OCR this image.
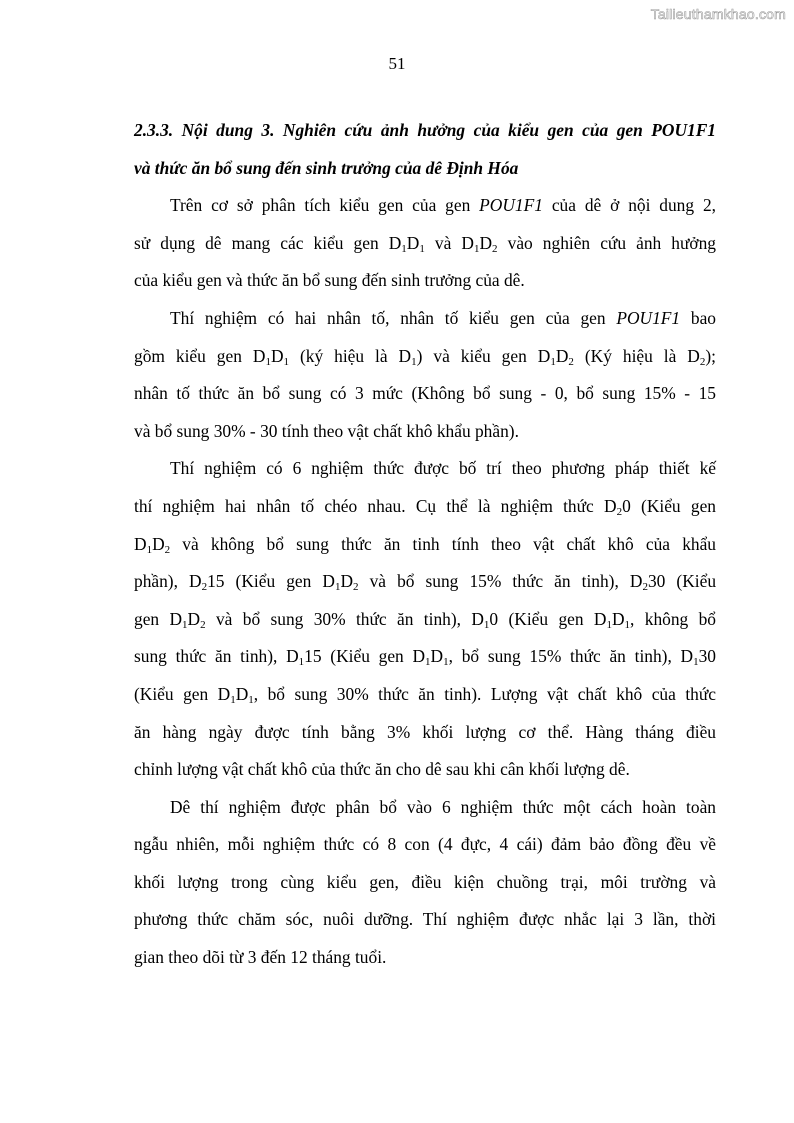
Tailieuthamkhao.com
51
2.3.3. Nội dung 3. Nghiên cứu ảnh hưởng của kiểu gen của gen POU1F1
và thức ăn bổ sung đến sinh trưởng của dê Định Hóa

Trên cơ sở phân tích kiểu gen của gen POU1F1 của dê ở nội dung 2,
sử dụng dê mang các kiểu gen $D_1D_1$ và $D_1D_2$ vào nghiên cứu ảnh hưởng
của kiểu gen và thức ăn bổ sung đến sinh trưởng của dê.

Thí nghiệm có hai nhân tố, nhân tố kiểu gen của gen POU1F1 bao
gồm kiểu gen $D_1D_1$ (ký hiệu là $D_1$) và kiểu gen $D_1D_2$ (Ký hiệu là $D_2$);
nhân tố thức ăn bổ sung có 3 mức (Không bổ sung - 0, bổ sung 15% - 15
và bổ sung 30% - 30 tính theo vật chất khô khẩu phần).

Thí nghiệm có 6 nghiệm thức được bố trí theo phương pháp thiết kế
thí nghiệm hai nhân tố chéo nhau. Cụ thể là nghiệm thức $D_20$ (Kiểu gen
$D_1D_2$ và không bổ sung thức ăn tinh tính theo vật chất khô của khẩu
phần), $D_215$ (Kiểu gen $D_1D_2$ và bổ sung 15% thức ăn tinh), $D_230$ (Kiểu
gen $D_1D_2$ và bổ sung 30% thức ăn tinh), $D_10$ (Kiểu gen $D_1D_1$, không bổ
sung thức ăn tinh), $D_115$ (Kiểu gen $D_1D_1$, bổ sung 15% thức ăn tinh), $D_130$
(Kiểu gen $D_1D_1$, bổ sung 30% thức ăn tinh). Lượng vật chất khô của thức
ăn hàng ngày được tính bằng 3% khối lượng cơ thể. Hàng tháng điều
chỉnh lượng vật chất khô của thức ăn cho dê sau khi cân khối lượng dê.

Dê thí nghiệm được phân bổ vào 6 nghiệm thức một cách hoàn toàn
ngẫu nhiên, mỗi nghiệm thức có 8 con (4 đực, 4 cái) đảm bảo đồng đều về
khối lượng trong cùng kiểu gen, điều kiện chuồng trại, môi trường và
phương thức chăm sóc, nuôi dưỡng. Thí nghiệm được nhắc lại 3 lần, thời
gian theo dõi từ 3 đến 12 tháng tuổi.
